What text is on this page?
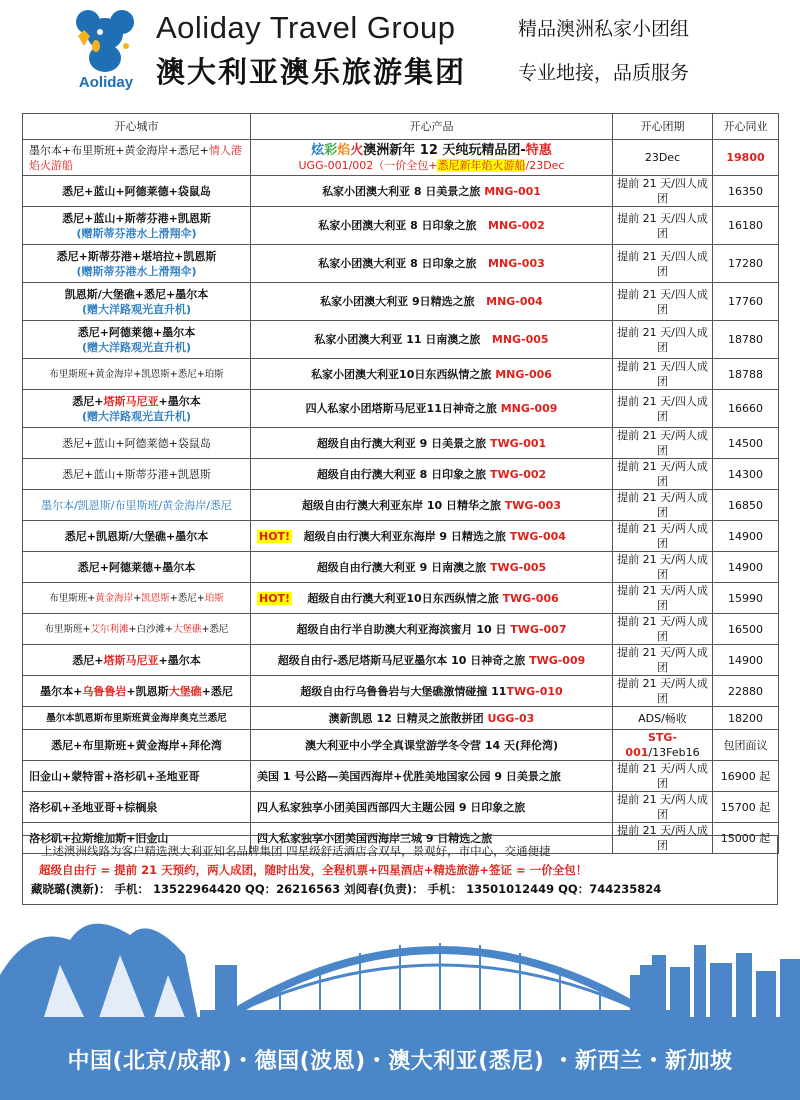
Aoliday
Aoliday Travel Group
澳大利亚澳乐旅游集团
精品澳洲私家小团组
专业地接，品质服务
开心城市	开心产品	开心团期	开心同业
墨尔本+布里斯班+黄金海岸+悉尼+情人港焰火游船	炫彩焰火澳洲新年 12 天纯玩精品团-特惠
UGG-001/002（一价全包+悉尼新年焰火游船/23Dec	23Dec	19800
悉尼+蓝山+阿德莱德+袋鼠岛	私家小团澳大利亚 8 日美景之旅 MNG-001	提前 21 天/四人成团	16350

悉尼+蓝山+斯蒂芬港+凯恩斯
(赠斯蒂芬港水上滑翔伞)	私家小团澳大利亚 8 日印象之旅 MNG-002	提前 21 天/四人成团	16180

悉尼+斯蒂芬港+堪培拉+凯恩斯
(赠斯蒂芬港水上滑翔伞)	私家小团澳大利亚 8 日印象之旅 MNG-003	提前 21 天/四人成团	17280

凯恩斯/大堡礁+悉尼+墨尔本
(赠大洋路观光直升机)	私家小团澳大利亚 9日精选之旅 MNG-004	提前 21 天/四人成团	17760

悉尼+阿德莱德+墨尔本
(赠大洋路观光直升机)	私家小团澳大利亚 11 日南澳之旅 MNG-005	提前 21 天/四人成团	18780
布里斯班+黄金海岸+凯恩斯+悉尼+珀斯	私家小团澳大利亚10日东西纵情之旅 MNG-006	提前 21 天/四人成团	18788

悉尼+塔斯马尼亚+墨尔本
(赠大洋路观光直升机)	四人私家小团塔斯马尼亚11日神奇之旅 MNG-009	提前 21 天/四人成团	16660
悉尼+蓝山+阿德莱德+袋鼠岛	超级自由行澳大利亚 9 日美景之旅 TWG-001	提前 21 天/两人成团	14500
悉尼+蓝山+斯蒂芬港+凯恩斯	超级自由行澳大利亚 8 日印象之旅 TWG-002	提前 21 天/两人成团	14300
墨尔本/凯恩斯/布里斯班/黄金海岸/悉尼	超级自由行澳大利亚东岸 10 日精华之旅 TWG-003	提前 21 天/两人成团	16850
悉尼+凯恩斯/大堡礁+墨尔本	HOT! 超级自由行澳大利亚东海岸 9 日精选之旅 TWG-004	提前 21 天/两人成团	14900
悉尼+阿德莱德+墨尔本	超级自由行澳大利亚 9 日南澳之旅 TWG-005	提前 21 天/两人成团	14900
布里斯班+黄金海岸+凯恩斯+悉尼+珀斯	HOT! 超级自由行澳大利亚10日东西纵情之旅 TWG-006	提前 21 天/两人成团	15990
布里斯班+艾尔利滩+白沙滩+大堡礁+悉尼	超级自由行半自助澳大利亚海滨蜜月 10 日 TWG-007	提前 21 天/两人成团	16500
悉尼+塔斯马尼亚+墨尔本	超级自由行-悉尼塔斯马尼亚墨尔本 10 日神奇之旅 TWG-009	提前 21 天/两人成团	14900
墨尔本+乌鲁鲁岩+凯恩斯大堡礁+悉尼	超级自由行乌鲁鲁岩与大堡礁激情碰撞 11TWG-010	提前 21 天/两人成团	22880
墨尔本凯恩斯布里斯班黄金海岸奥克兰悉尼	澳新凯恩 12 日精灵之旅散拼团 UGG-03	ADS/畅收	18200
悉尼+布里斯班+黄金海岸+拜伦湾	澳大利亚中小学全真课堂游学冬令营 14 天(拜伦湾)	STG-001/13Feb16	包团面议
旧金山+蒙特雷+洛杉矶+圣地亚哥	美国 1 号公路—美国西海岸+优胜美地国家公园 9 日美景之旅	提前 21 天/两人成团	16900 起
洛杉矶+圣地亚哥+棕榈泉	四人私家独享小团美国西部四大主题公园 9 日印象之旅	提前 21 天/两人成团	15700 起
洛杉矶+拉斯维加斯+旧金山	四人私家独享小团美国西海岸三城 9 日精选之旅	提前 21 天/两人成团	15000 起
上述澳洲线路为客户精选澳大利亚知名品牌集团 四星级舒适酒店含双早，景观好，市中心，交通便捷
超级自由行 = 提前 21 天预约，两人成团，随时出发，全程机票+四星酒店+精选旅游+签证 = 一价全包！
藏晓璐(澳新)： 手机： 13522964420 QQ：26216563 刘阅春(负责)： 手机： 13501012449 QQ：744235824
中国(北京/成都)・德国(波恩)・澳大利亚(悉尼) ・新西兰・新加坡
